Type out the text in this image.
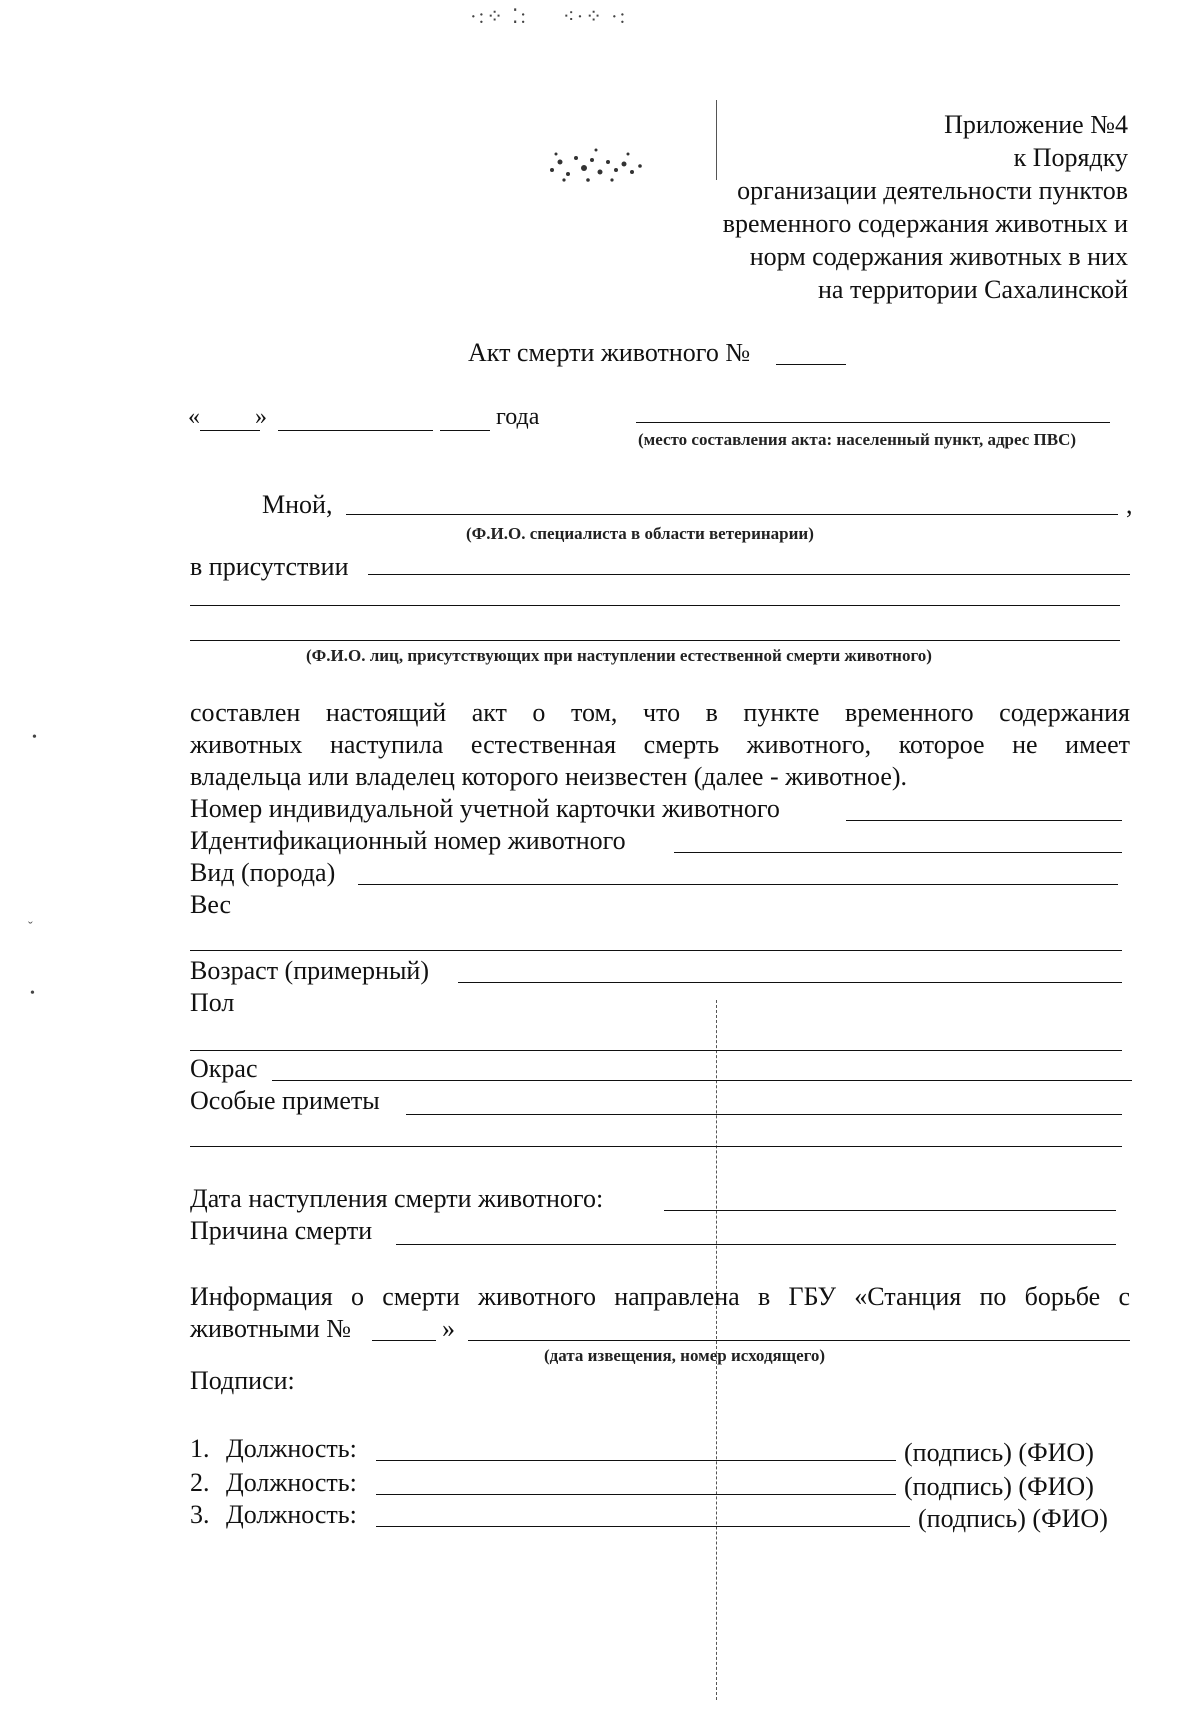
·:⁘ ⁚:     ⁖·⁘ ·:
•
ˇ
•
Приложение №4
к Порядку
организации деятельности пунктов
временного содержания животных и
норм содержания животных в них
на территории Сахалинской
Акт смерти животного №
« »	года
(место составления акта: населенный пункт, адрес ПВС)
Мной,	,
(Ф.И.О. специалиста в области ветеринарии)
в присутствии
(Ф.И.О. лиц, присутствующих при наступлении естественной смерти животного)
составлен настоящий акт о том, что в пункте временного содержания
животных наступила естественная смерть животного, которое не имеет
владельца или владелец которого неизвестен (далее - животное).
Номер индивидуальной учетной карточки животного
Идентификационный номер животного
Вид (порода)
Вес
Возраст (примерный)
Пол
Окрас
Особые приметы
Дата наступления смерти животного:
Причина смерти
Информация о смерти животного направлена в ГБУ «Станция по борьбе с
животными №	»
(дата извещения, номер исходящего)
Подписи:
1. Должность:	(подпись) (ФИО)
2. Должность:	(подпись) (ФИО)
3. Должность:	(подпись) (ФИО)
